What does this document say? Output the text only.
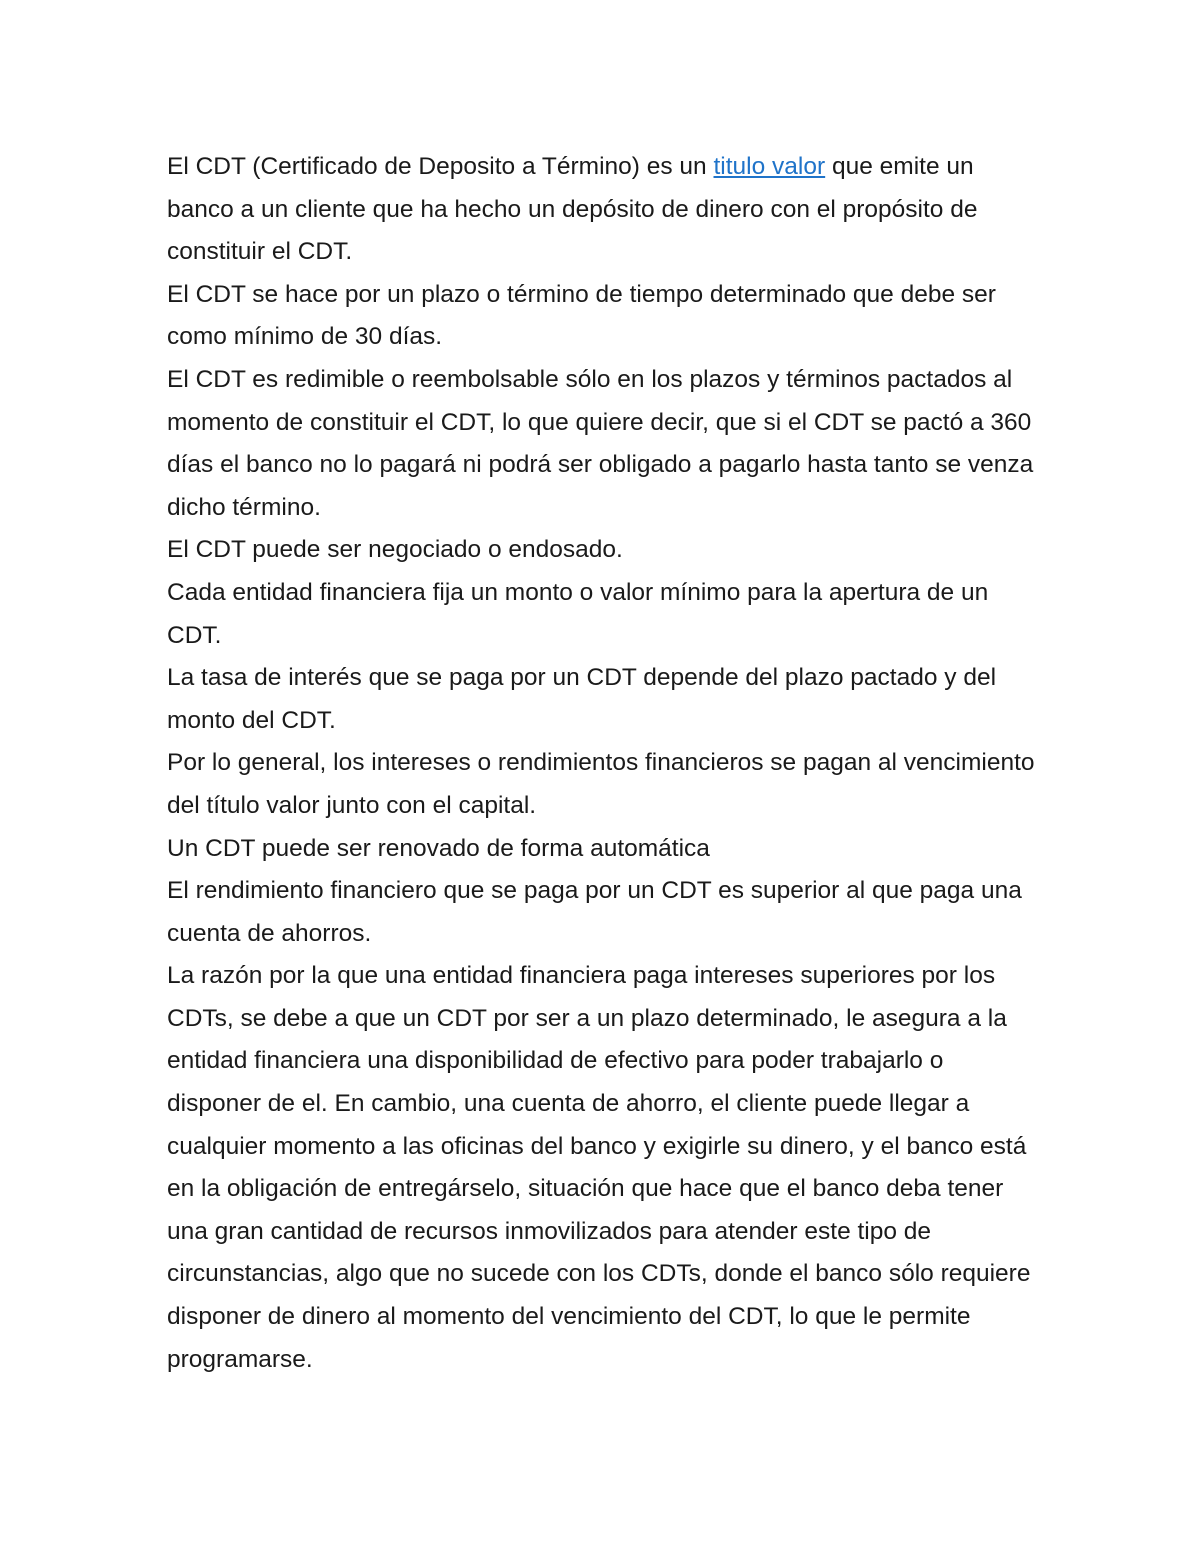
El CDT (Certificado de Deposito a Término) es un titulo valor que emite un banco a un cliente que ha hecho un depósito de dinero con el propósito de constituir el CDT.

El CDT se hace por un plazo o término de tiempo determinado que debe ser como mínimo de 30 días.

El CDT es redimible o reembolsable sólo en los plazos y términos pactados al momento de constituir el CDT, lo que quiere decir, que si el CDT se pactó a 360 días el banco no lo pagará ni podrá ser obligado a pagarlo hasta tanto se venza dicho término.

El CDT puede ser negociado o endosado.

Cada entidad financiera fija un monto o valor mínimo para la apertura de un CDT.

La tasa de interés que se paga por un CDT depende del plazo pactado y del monto del CDT.

Por lo general, los intereses o rendimientos financieros se pagan al vencimiento del título valor junto con el capital.

Un CDT puede ser renovado de forma automática

El rendimiento financiero que se paga por un CDT es superior al que paga una cuenta de ahorros.

La razón por la que una entidad financiera paga intereses superiores por los CDTs, se debe a que un CDT por ser a un plazo determinado, le asegura a la entidad financiera una disponibilidad de efectivo para poder trabajarlo o disponer de el. En cambio, una cuenta de ahorro, el cliente puede llegar a cualquier momento a las oficinas del banco y exigirle su dinero, y el banco está en la obligación de entregárselo, situación que hace que el banco deba tener una gran cantidad de recursos inmovilizados para atender este tipo de circunstancias, algo que no sucede con los CDTs, donde el banco sólo requiere disponer de dinero al momento del vencimiento del CDT, lo que le permite programarse.
